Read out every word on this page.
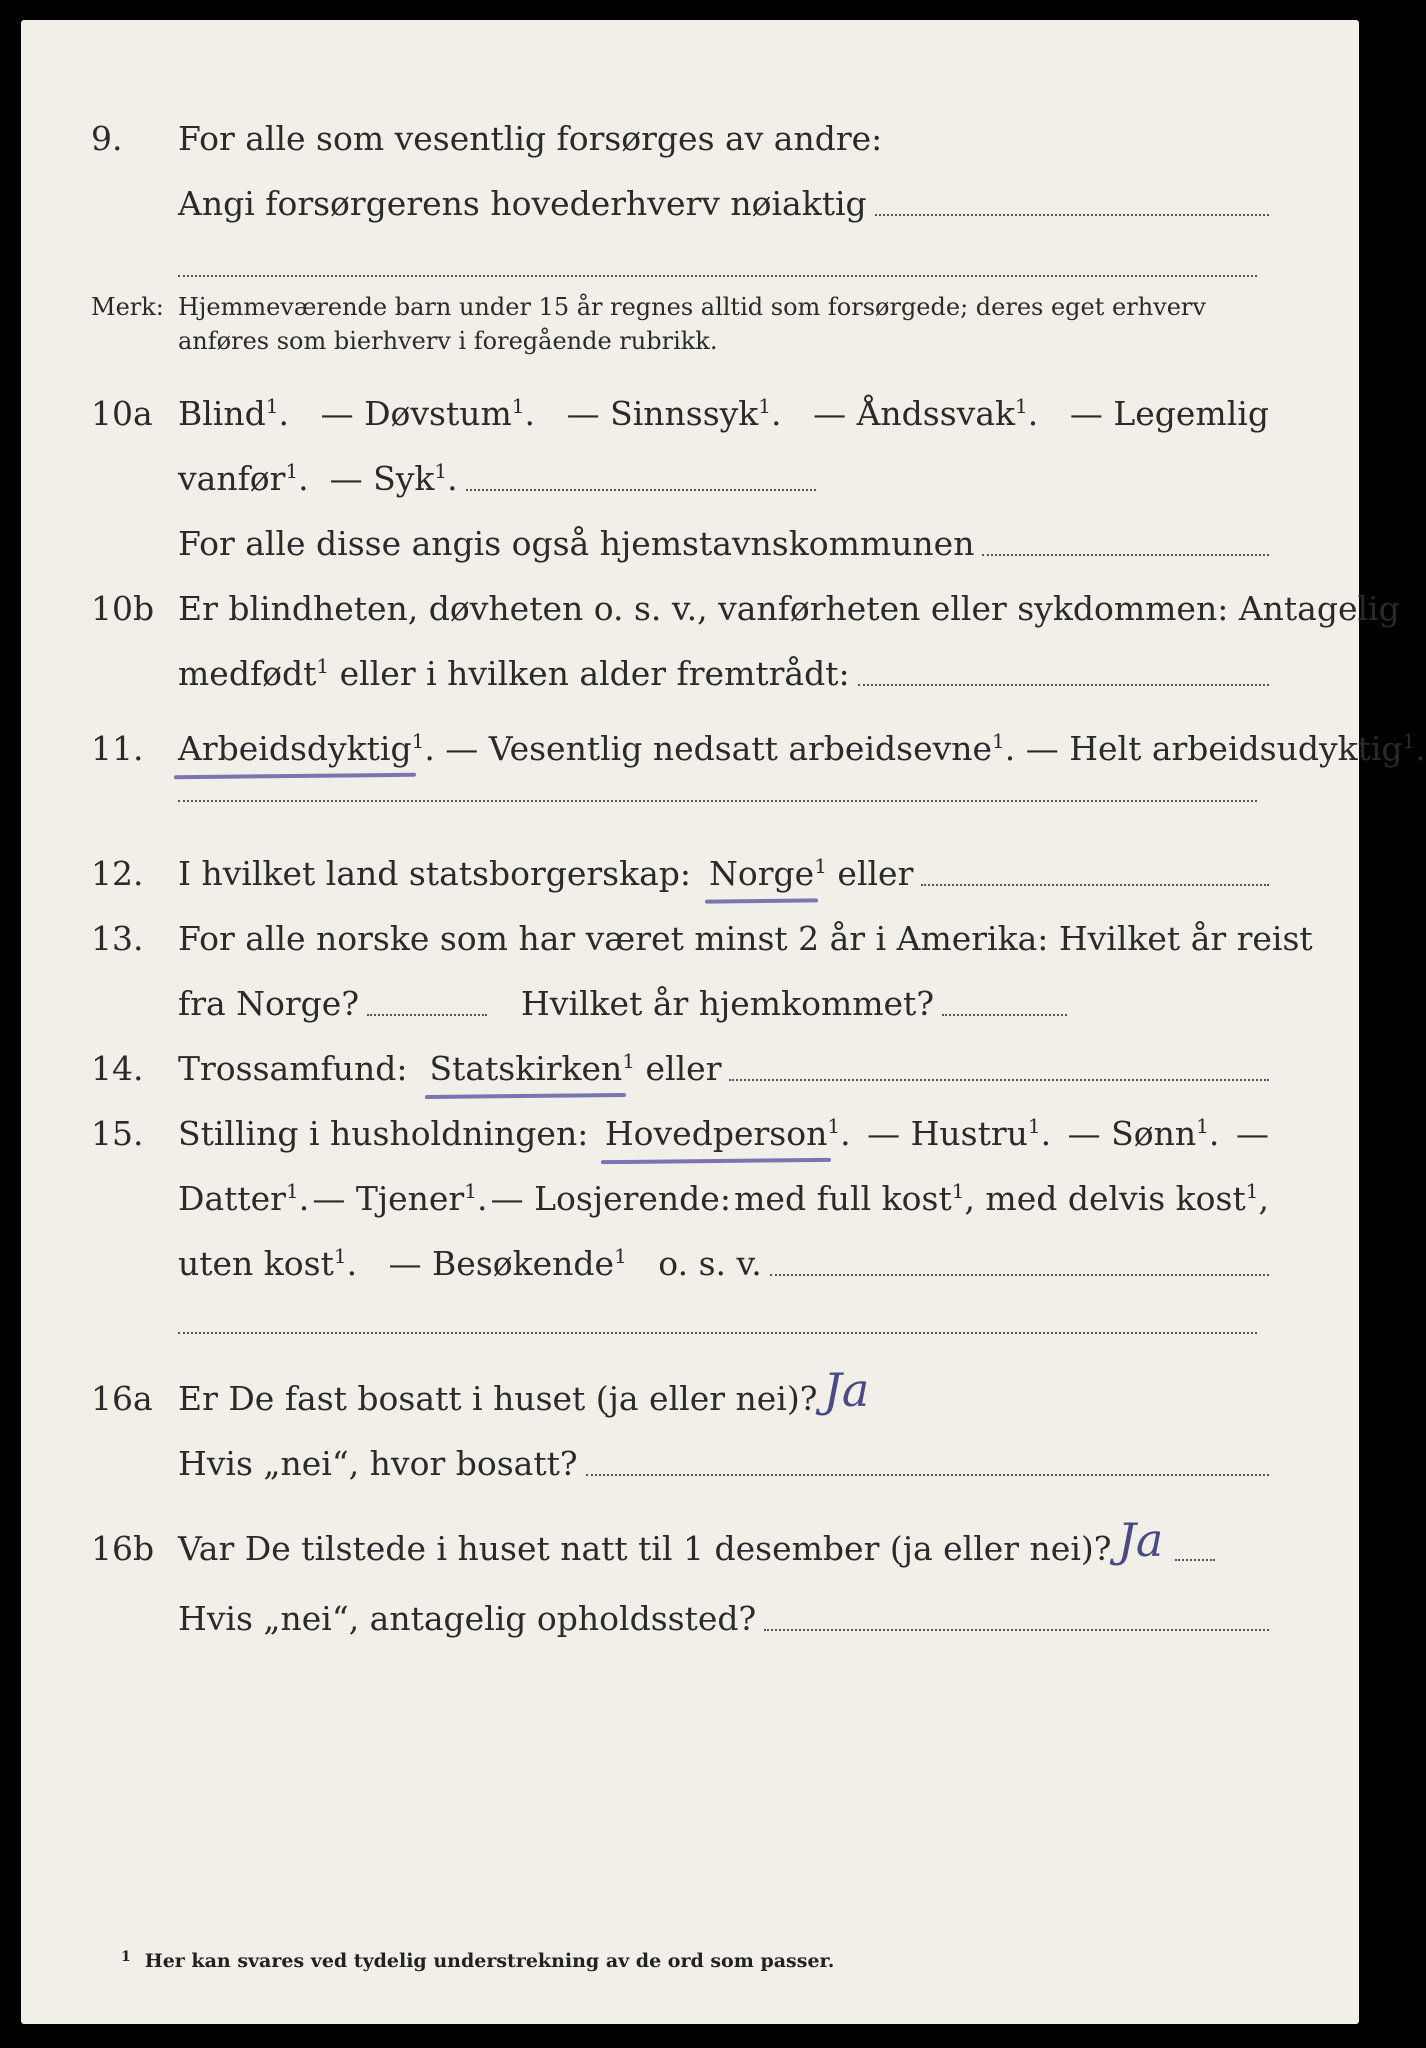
9.	For alle som vesentlig forsørges av andre:
Angi forsørgerens hovederhverv nøiaktig
Merk: Hjemmeværende barn under 15 år regnes alltid som forsørgede; deres eget erhverv
anføres som bierhverv i foregående rubrikk.
10a Blind$^1$. — Døvstum$^1$. — Sinnssyk$^1$. — Åndssvak$^1$. — Legemlig
vanfør$^1$.  — Syk$^1$.
For alle disse angis også hjemstavnskommunen
10b Er blindheten, døvheten o. s. v., vanførheten eller sykdommen: Antagelig
medfødt$^1$ eller i hvilken alder fremtrådt:
11.	Arbeidsdyktig$^1$. — Vesentlig nedsatt arbeidsevne$^1$. — Helt arbeidsudyktig$^1$.
12.	I hvilket land statsborgerskap: Norge$^1$ eller
13.	For alle norske som har været minst 2 år i Amerika: Hvilket år reist
fra Norge?	Hvilket år hjemkommet?
14.	Trossamfund: Statskirken$^1$ eller
15.	Stilling i husholdningen: Hovedperson$^1$. — Hustru$^1$. — Sønn$^1$. —
Datter$^1$. — Tjener$^1$. — Losjerende: med full kost$^1$, med delvis kost$^1$,
uten kost$^1$.   — Besøkende$^1$ o. s. v.
16a Er De fast bosatt i huset (ja eller nei)? Ja
Hvis „nei“, hvor bosatt?
16b Var De tilstede i huset natt til 1 desember (ja eller nei)? Ja
Hvis „nei“, antagelig opholdssted?
$^1$ Her kan svares ved tydelig understrekning av de ord som passer.
